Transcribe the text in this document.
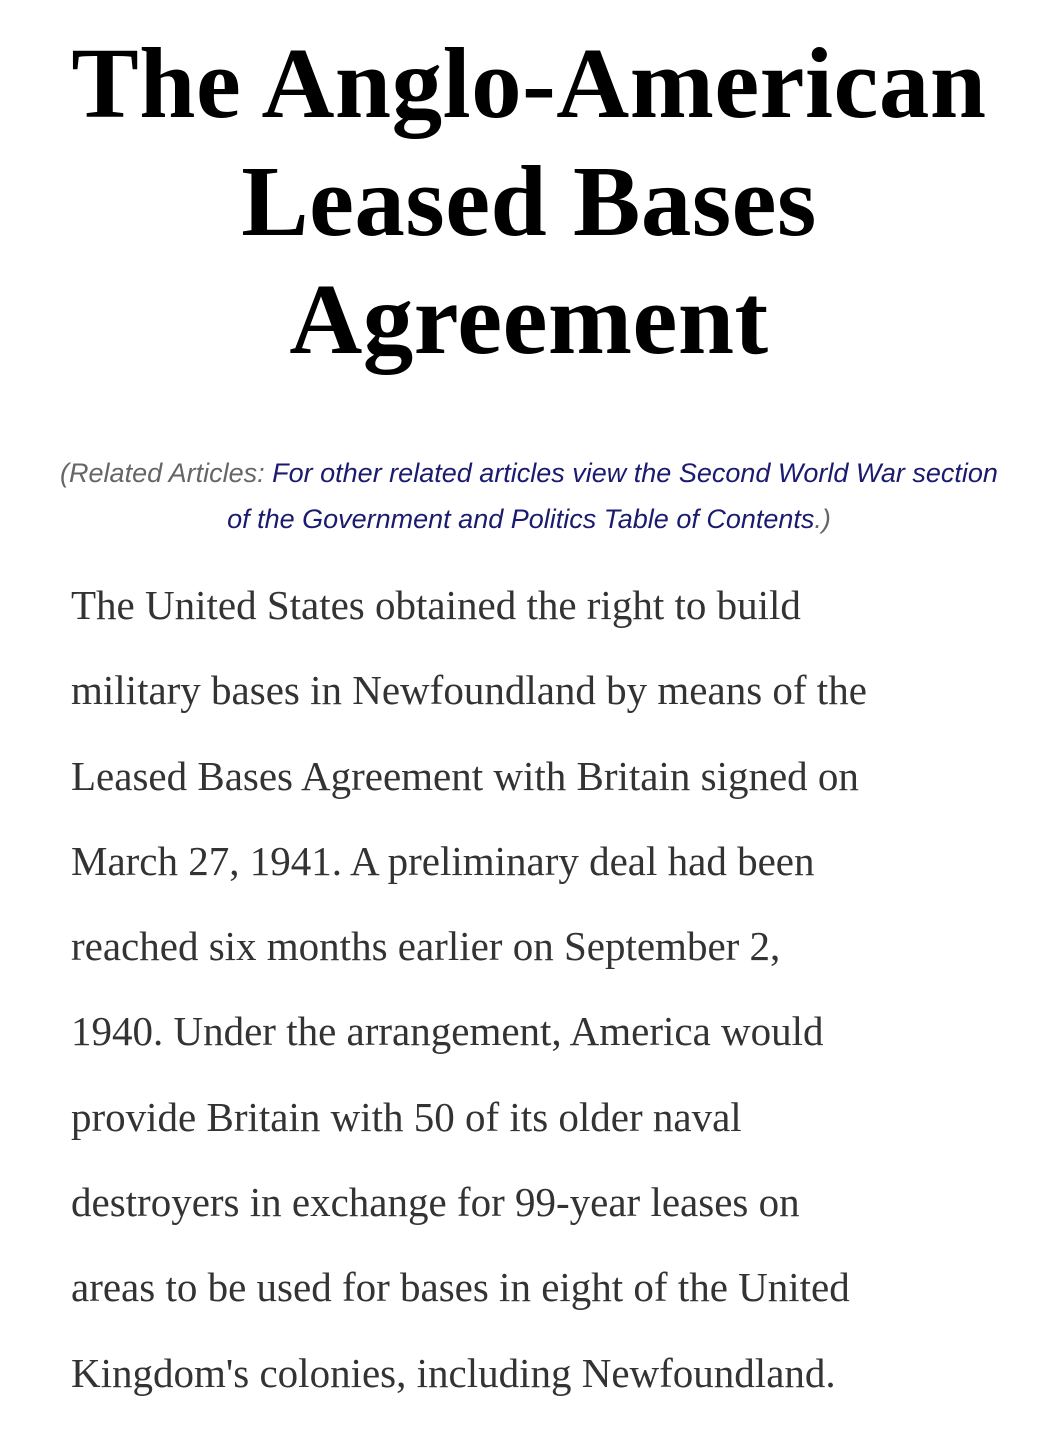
The Anglo-American
Leased Bases
Agreement
(Related Articles: For other related articles view the Second World War section of the Government and Politics Table of Contents.)
The United States obtained the right to build
military bases in Newfoundland by means of the
Leased Bases Agreement with Britain signed on
March 27, 1941. A preliminary deal had been
reached six months earlier on September 2,
1940. Under the arrangement, America would
provide Britain with 50 of its older naval
destroyers in exchange for 99-year leases on
areas to be used for bases in eight of the United
Kingdom's colonies, including Newfoundland.
